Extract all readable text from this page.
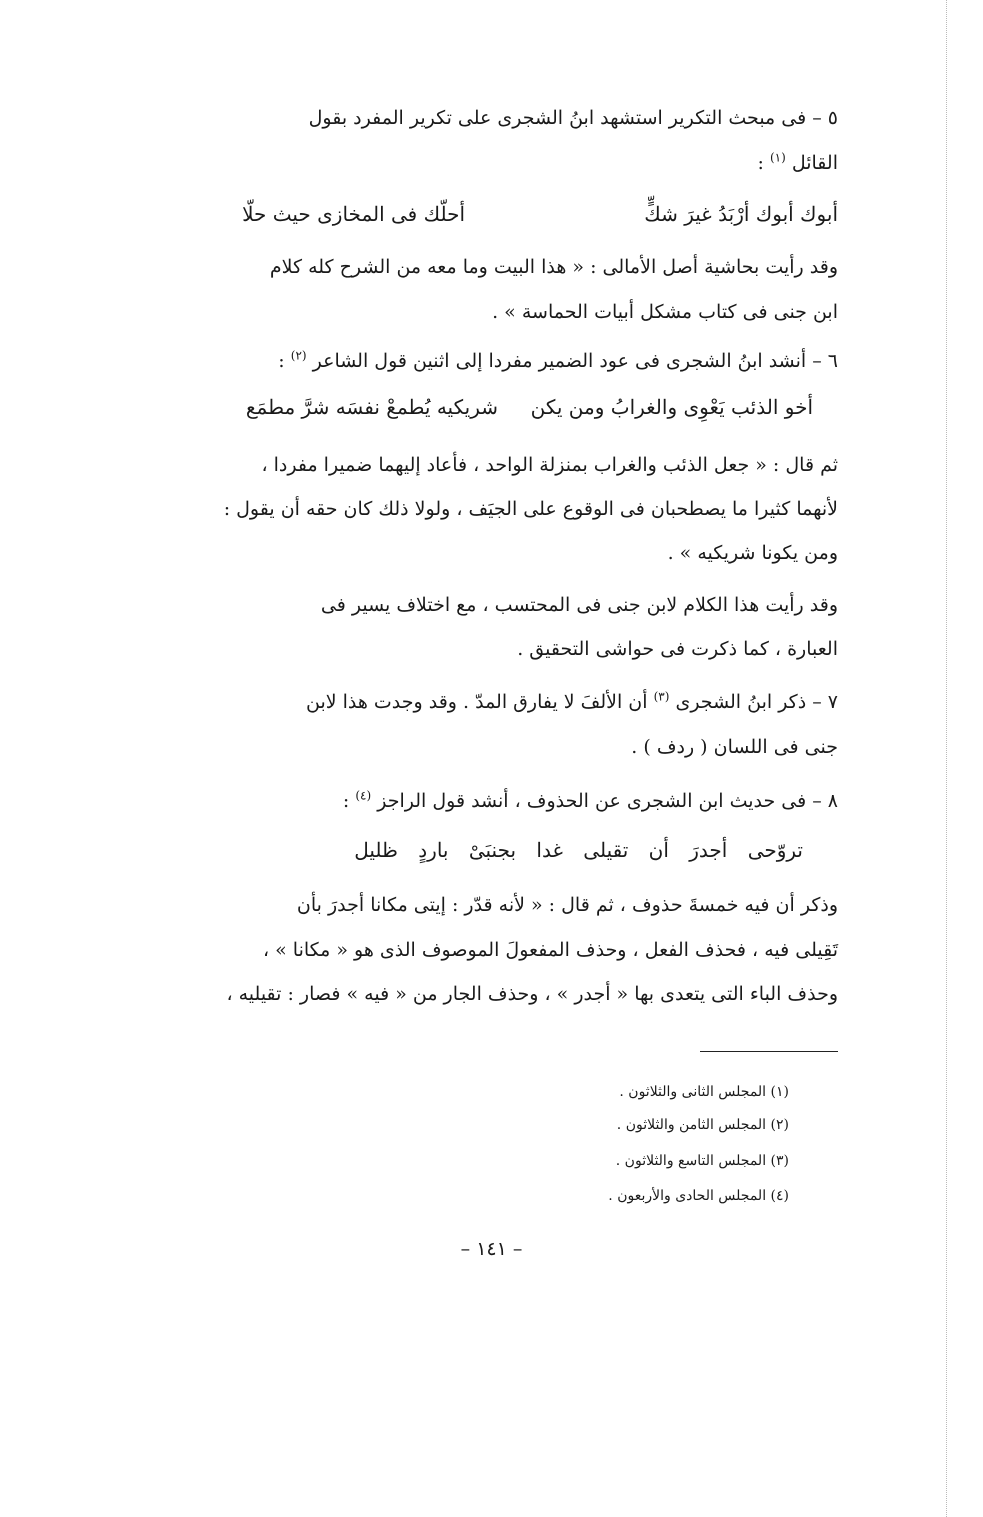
٥ – فى مبحث التكرير استشهد ابنُ الشجرى على تكرير المفرد بقول
القائل $^{(١)}$ :
أبوك أبوك أرْبَدُ غيرَ شكٍّ
أحلّك فى المخازى حيث حلّا
وقد رأيت بحاشية أصل الأمالى : « هذا البيت وما معه من الشرح كله كلام
ابن جنى فى كتاب مشكل أبيات الحماسة » .
٦ – أنشد ابنُ الشجرى فى عود الضمير مفردا إلى اثنين قول الشاعر $^{(٢)}$ :
أخو الذئب يَعْوِى والغرابُ ومن يكن
شريكيه يُطمعْ نفسَه شرَّ مطمَع
ثم قال : « جعل الذئب والغراب بمنزلة الواحد ، فأعاد إليهما ضميرا مفردا ،
لأنهما كثيرا ما يصطحبان فى الوقوع على الجيَف ، ولولا ذلك كان حقه أن يقول :
ومن يكونا شريكيه » .
وقد رأيت هذا الكلام لابن جنى فى المحتسب ، مع اختلاف يسير فى
العبارة ، كما ذكرت فى حواشى التحقيق .
٧ – ذكر ابنُ الشجرى $^{(٣)}$ أن الألفَ لا يفارق المدّ . وقد وجدت هذا لابن
جنى فى اللسان ( ردف ) .
٨ – فى حديث ابن الشجرى عن الحذوف ، أنشد قول الراجز $^{(٤)}$ :
تروّحى أجدرَ أن تقيلى غدا بجنبَىْ باردٍ ظليل
وذكر أن فيه خمسةَ حذوف ، ثم قال : « لأنه قدّر : إيتى مكانا أجدرَ بأن
تَقِيلى فيه ، فحذف الفعل ، وحذف المفعولَ الموصوف الذى هو « مكانا » ،
وحذف الباء التى يتعدى بها « أجدر » ، وحذف الجار من « فيه » فصار : تقيليه ،
(١) المجلس الثانى والثلاثون .
(٢) المجلس الثامن والثلاثون .
(٣) المجلس التاسع والثلاثون .
(٤) المجلس الحادى والأربعون .
– ١٤١ –
